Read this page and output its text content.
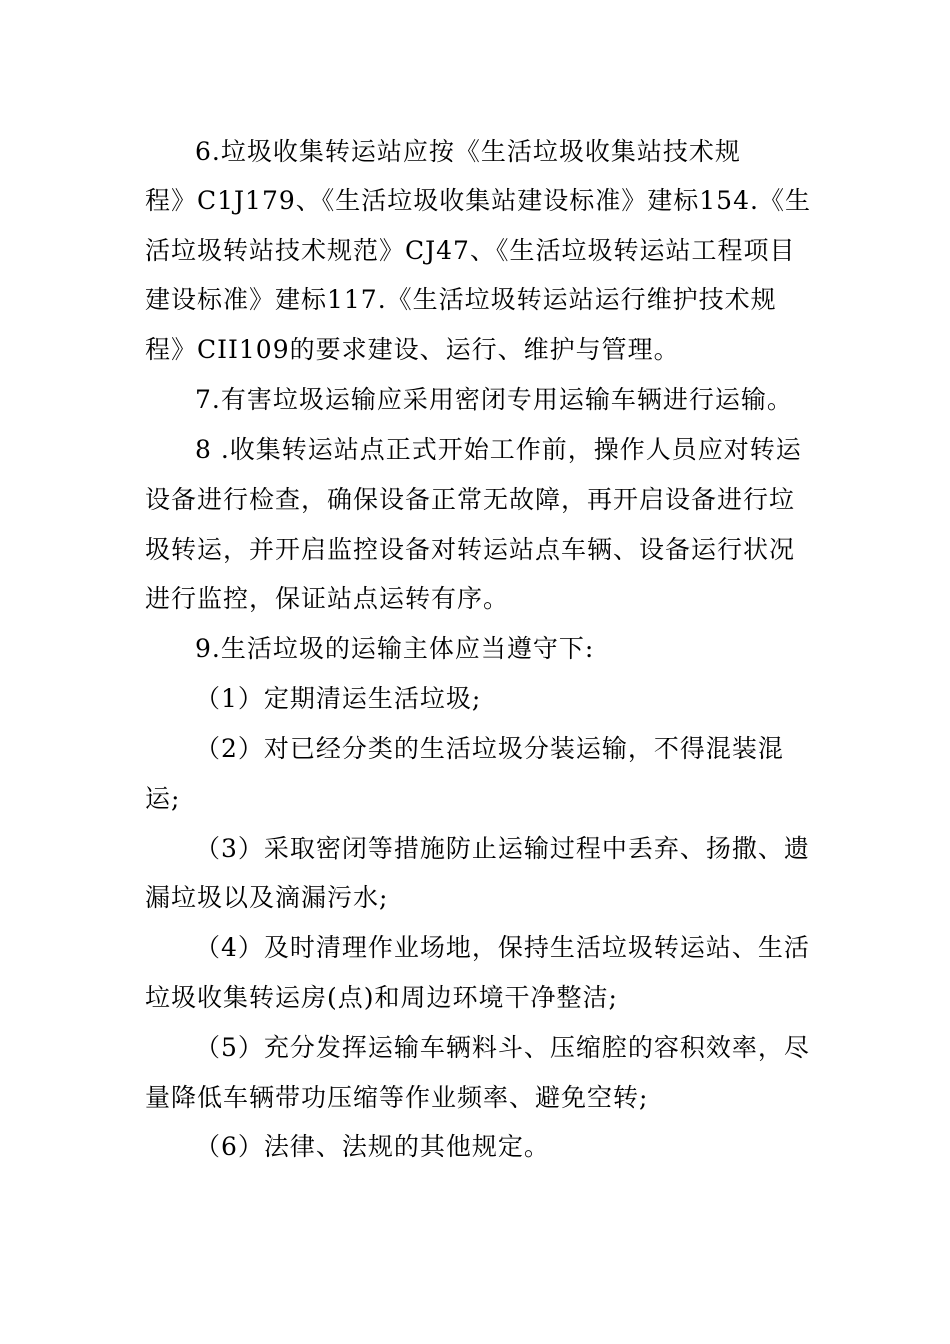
6.垃圾收集转运站应按《生活垃圾收集站技术规
程》C1J179、《生活垃圾收集站建设标准》建标154.《生
活垃圾转站技术规范》CJ47、《生活垃圾转运站工程项目
建设标准》建标117.《生活垃圾转运站运行维护技术规
程》CII109的要求建设、运行、维护与管理。
7.有害垃圾运输应采用密闭专用运输车辆进行运输。
8 .收集转运站点正式开始工作前，操作人员应对转运
设备进行检查，确保设备正常无故障，再开启设备进行垃
圾转运，并开启监控设备对转运站点车辆、设备运行状况
进行监控，保证站点运转有序。
9.生活垃圾的运输主体应当遵守下:
（1）定期清运生活垃圾;
（2）对已经分类的生活垃圾分装运输，不得混装混
运;
（3）采取密闭等措施防止运输过程中丢弃、扬撒、遗
漏垃圾以及滴漏污水;
（4）及时清理作业场地，保持生活垃圾转运站、生活
垃圾收集转运房(点)和周边环境干净整洁;
（5）充分发挥运输车辆料斗、压缩腔的容积效率，尽
量降低车辆带功压缩等作业频率、避免空转;
（6）法律、法规的其他规定。
